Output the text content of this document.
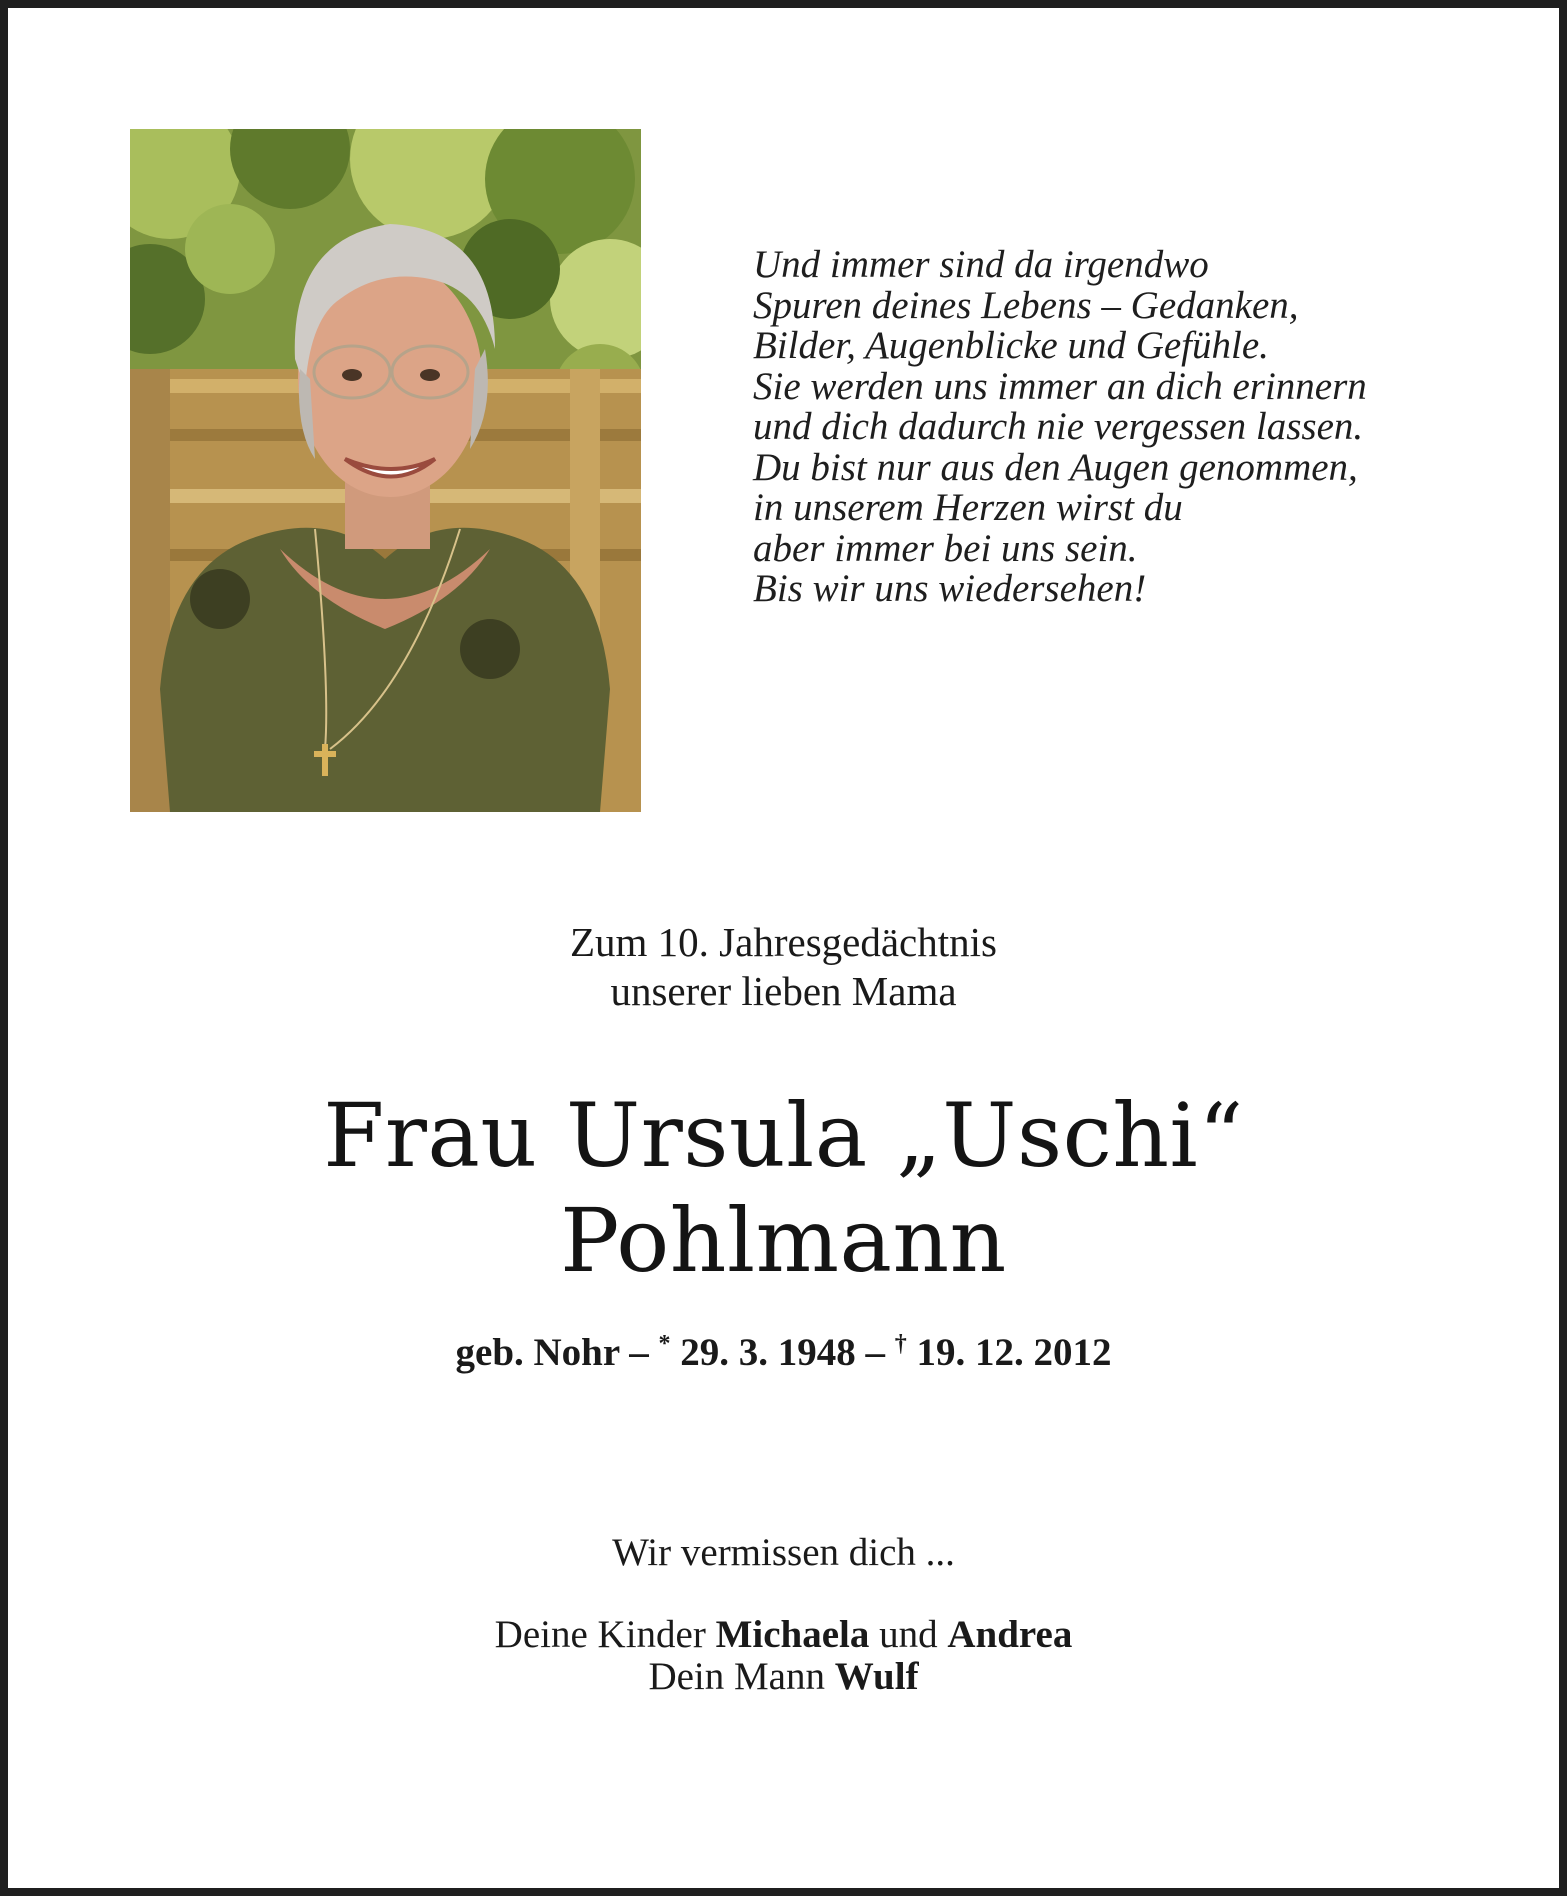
Und immer sind da irgendwo
Spuren deines Lebens – Gedanken,
Bilder, Augenblicke und Gefühle.
Sie werden uns immer an dich erinnern
und dich dadurch nie vergessen lassen.
Du bist nur aus den Augen genommen,
in unserem Herzen wirst du
aber immer bei uns sein.
Bis wir uns wiedersehen!
Zum 10. Jahresgedächtnis
unserer lieben Mama
Frau Ursula „Uschi“
Pohlmann
geb. Nohr – * 29. 3. 1948 – † 19. 12. 2012
Wir vermissen dich ...
Deine Kinder Michaela und Andrea
Dein Mann Wulf
